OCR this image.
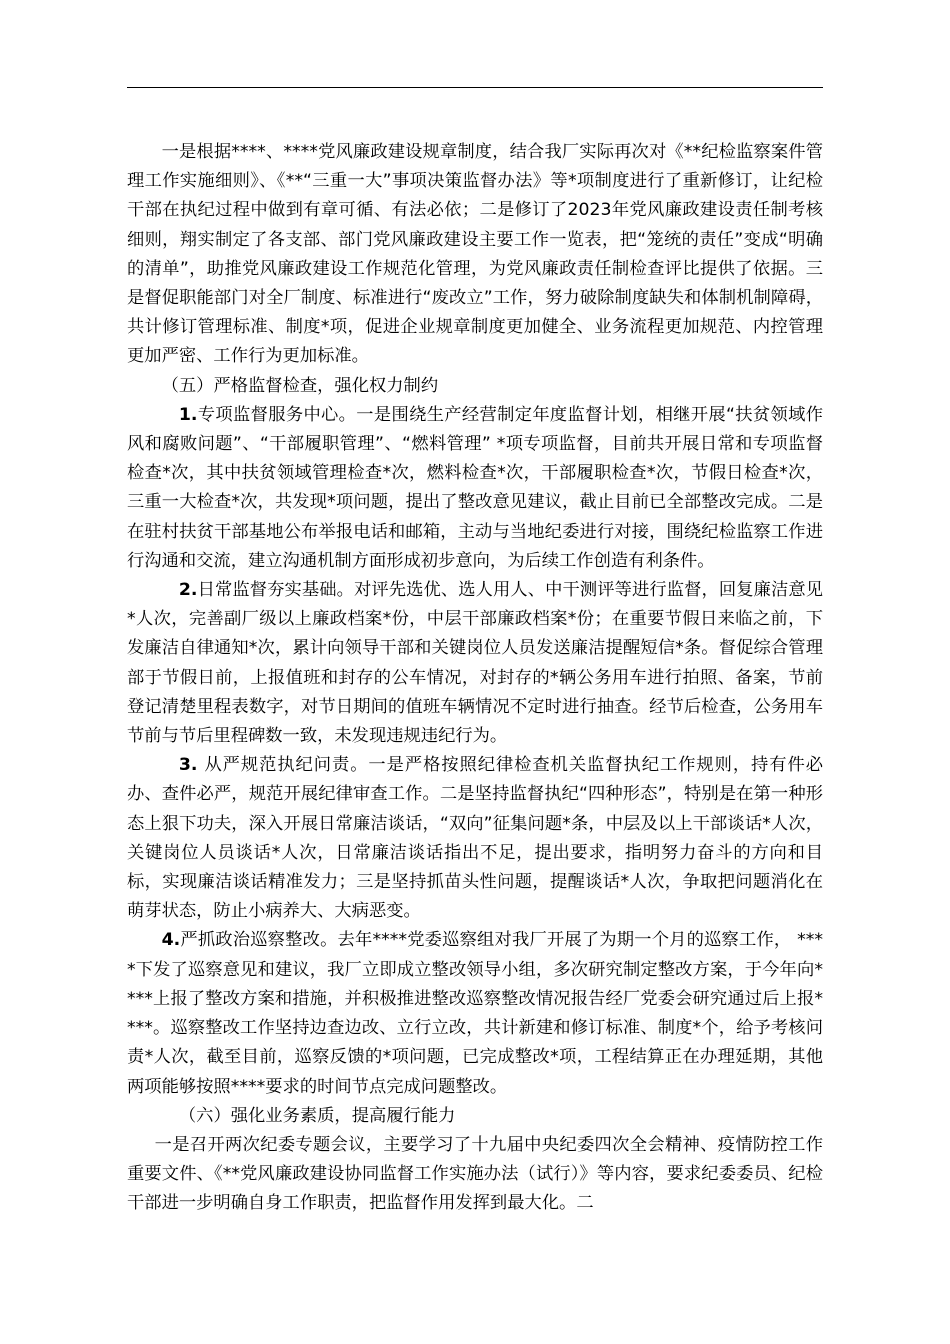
一是根据****、****党风廉政建设规章制度，结合我厂实际再次对《**纪检监察案件管理工作实施细则》、《**“三重一大”事项决策监督办法》等*项制度进行了重新修订，让纪检干部在执纪过程中做到有章可循、有法必依；二是修订了2023年党风廉政建设责任制考核细则，翔实制定了各支部、部门党风廉政建设主要工作一览表，把“笼统的责任”变成“明确的清单”，助推党风廉政建设工作规范化管理，为党风廉政责任制检查评比提供了依据。三是督促职能部门对全厂制度、标准进行“废改立”工作，努力破除制度缺失和体制机制障碍，共计修订管理标准、制度*项，促进企业规章制度更加健全、业务流程更加规范、内控管理更加严密、工作行为更加标准。

（五）严格监督检查，强化权力制约

1.专项监督服务中心。一是围绕生产经营制定年度监督计划，相继开展“扶贫领域作风和腐败问题”、“干部履职管理”、“燃料管理” *项专项监督，目前共开展日常和专项监督检查*次，其中扶贫领域管理检查*次，燃料检查*次，干部履职检查*次，节假日检查*次，三重一大检查*次，共发现*项问题，提出了整改意见建议，截止目前已全部整改完成。二是在驻村扶贫干部基地公布举报电话和邮箱，主动与当地纪委进行对接，围绕纪检监察工作进行沟通和交流，建立沟通机制方面形成初步意向，为后续工作创造有利条件。

2.日常监督夯实基础。对评先选优、选人用人、中干测评等进行监督，回复廉洁意见*人次，完善副厂级以上廉政档案*份，中层干部廉政档案*份；在重要节假日来临之前，下发廉洁自律通知*次，累计向领导干部和关键岗位人员发送廉洁提醒短信*条。督促综合管理部于节假日前，上报值班和封存的公车情况，对封存的*辆公务用车进行拍照、备案，节前登记清楚里程表数字，对节日期间的值班车辆情况不定时进行抽查。经节后检查，公务用车节前与节后里程碑数一致，未发现违规违纪行为。

3. 从严规范执纪问责。一是严格按照纪律检查机关监督执纪工作规则，持有件必办、查件必严，规范开展纪律审查工作。二是坚持监督执纪“四种形态”，特别是在第一种形态上狠下功夫，深入开展日常廉洁谈话，“双向”征集问题*条，中层及以上干部谈话*人次，关键岗位人员谈话*人次，日常廉洁谈话指出不足，提出要求，指明努力奋斗的方向和目标，实现廉洁谈话精准发力；三是坚持抓苗头性问题，提醒谈话*人次，争取把问题消化在萌芽状态，防止小病养大、大病恶变。

4.严抓政治巡察整改。去年****党委巡察组对我厂开展了为期一个月的巡察工作， ****下发了巡察意见和建议，我厂立即成立整改领导小组，多次研究制定整改方案，于今年向****上报了整改方案和措施，并积极推进整改巡察整改情况报告经厂党委会研究通过后上报****。巡察整改工作坚持边查边改、立行立改，共计新建和修订标准、制度*个，给予考核问责*人次，截至目前，巡察反馈的*项问题，已完成整改*项，工程结算正在办理延期，其他两项能够按照****要求的时间节点完成问题整改。

（六）强化业务素质，提高履行能力

一是召开两次纪委专题会议，主要学习了十九届中央纪委四次全会精神、疫情防控工作重要文件、《**党风廉政建设协同监督工作实施办法（试行）》等内容，要求纪委委员、纪检干部进一步明确自身工作职责，把监督作用发挥到最大化。二
